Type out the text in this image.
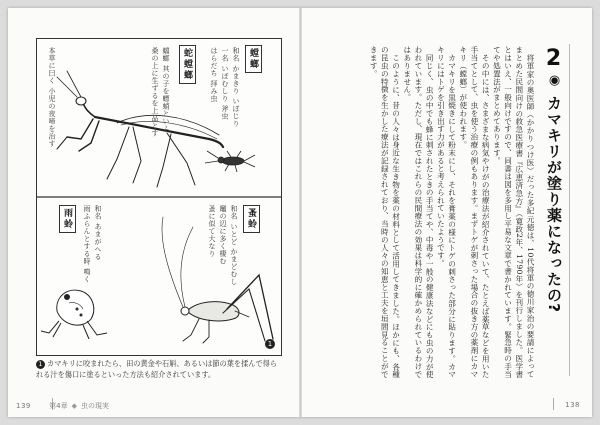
螳螂
蛇螳螂
雨蛉	蚤蛉
和名 かまきり いぼじり
一名 いぼむしり 斧虫
はらだち 拝み虫
蟷螂 其の子を螵蛸といふ
桑の上に生ずるを上品とす
本草に曰く 小児の夜啼を治す
和名 あまがへる
雨ふらんとする時 鳴く	和名 いとど かまどむし
竈の辺に多く棲む
蚤に似て大なり
1
1 カマキリに咬まれたら、田の黄金や石斛、あるいは節の葉を揉んで得られる汁を傷口に塗るといった方法も紹介されています。
139	第4章 ◆ 虫の現実
2◉ カマキリが塗り薬になったの?

将軍家の奥医師（かかりつけ医）だった多紀元徳は、10代将軍の徳川家治の要請によってまとめた民間向けの救急医療書『広恵済急方』（寛政2年、1790年）を刊行しました。医学書とはいえ、一般向けですので、同書は図を多用し平易な文章で書かれています。緊急時の手当てや処置法がまとめてあります。

その中には、さまざまな病気やけがの治療法が紹介されていて、たとえば薬草などを用いた手当てとして、虫を使う治療の例もあります。まずトゲが刺さった場合の抜き方の薬剤にカマキリ（螳螂）が使われます。

カマキリを黒焼きにして粉末にし、それを膏薬の様にトゲの刺さった部分に貼ります。カマキリにはトゲを引き出す力があると考えられていたようです。

同じく、虫の中でも蜂に刺されたときの手当てや、中毒や一般の健康法などにも虫の力が使われています。ただし、現在ではこれらの民間療法の効果は科学的に確かめられているわけではありません。

このように、昔の人々は身近な生き物を薬の材料として活用してきました。ほかにも、各種の昆虫の特徴を生かした療法が記録されており、当時の人々の知恵と工夫を垣間見ることができます。

138
